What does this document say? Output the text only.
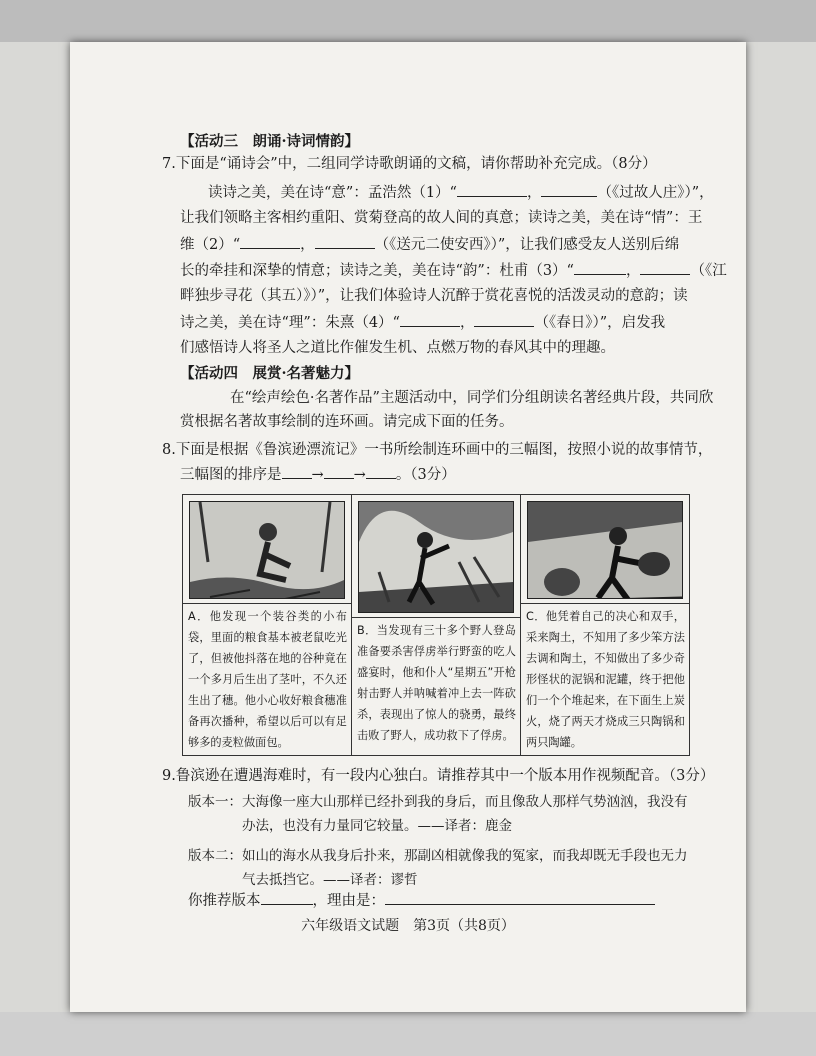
【活动三　朗诵·诗词情韵】
7.下面是“诵诗会”中，二组同学诗歌朗诵的文稿，请你帮助补充完成。（8分）
读诗之美，美在诗“意”：孟浩然（1）“	，	（《过故人庄》）”，
让我们领略主客相约重阳、赏菊登高的故人间的真意；读诗之美，美在诗“情”：王
维（2）“	，	（《送元二使安西》）”，让我们感受友人送别后绵
长的牵挂和深挚的情意；读诗之美，美在诗“韵”：杜甫（3）“	，	（《江
畔独步寻花（其五）》）”，让我们体验诗人沉醉于赏花喜悦的活泼灵动的意韵；读
诗之美，美在诗“理”：朱熹（4）“	，	（《春日》）”，启发我
们感悟诗人将圣人之道比作催发生机、点燃万物的春风其中的理趣。
【活动四　展赏·名著魅力】
在“绘声绘色·名著作品”主题活动中，同学们分组朗读名著经典片段，共同欣
赏根据名著故事绘制的连环画。请完成下面的任务。
8.下面是根据《鲁滨逊漂流记》一书所绘制连环画中的三幅图，按照小说的故事情节，
三幅图的排序是 → → 。（3分）
A．他发现一个装谷类的小布袋，里面的粮食基本被老鼠吃光了，但被他抖落在地的谷种竟在一个多月后生出了茎叶，不久还生出了穗。他小心收好粮食穗准备再次播种，希望以后可以有足够多的麦粒做面包。
B．当发现有三十多个野人登岛准备要杀害俘虏举行野蛮的吃人盛宴时，他和仆人“星期五”开枪射击野人并呐喊着冲上去一阵砍杀，表现出了惊人的骁勇，最终击败了野人，成功救下了俘虏。
C．他凭着自己的决心和双手，采来陶土，不知用了多少笨方法去调和陶土，不知做出了多少奇形怪状的泥锅和泥罐，终于把他们一个个堆起来，在下面生上炭火，烧了两天才烧成三只陶锅和两只陶罐。
9.鲁滨逊在遭遇海难时，有一段内心独白。请推荐其中一个版本用作视频配音。（3分）
版本一：大海像一座大山那样已经扑到我的身后，而且像敌人那样气势汹汹，我没有
办法，也没有力量同它较量。——译者：鹿金
版本二：如山的海水从我身后扑来，那副凶相就像我的冤家，而我却既无手段也无力
气去抵挡它。——译者：谬哲
你推荐版本	，理由是：
六年级语文试题　第3页（共8页）
